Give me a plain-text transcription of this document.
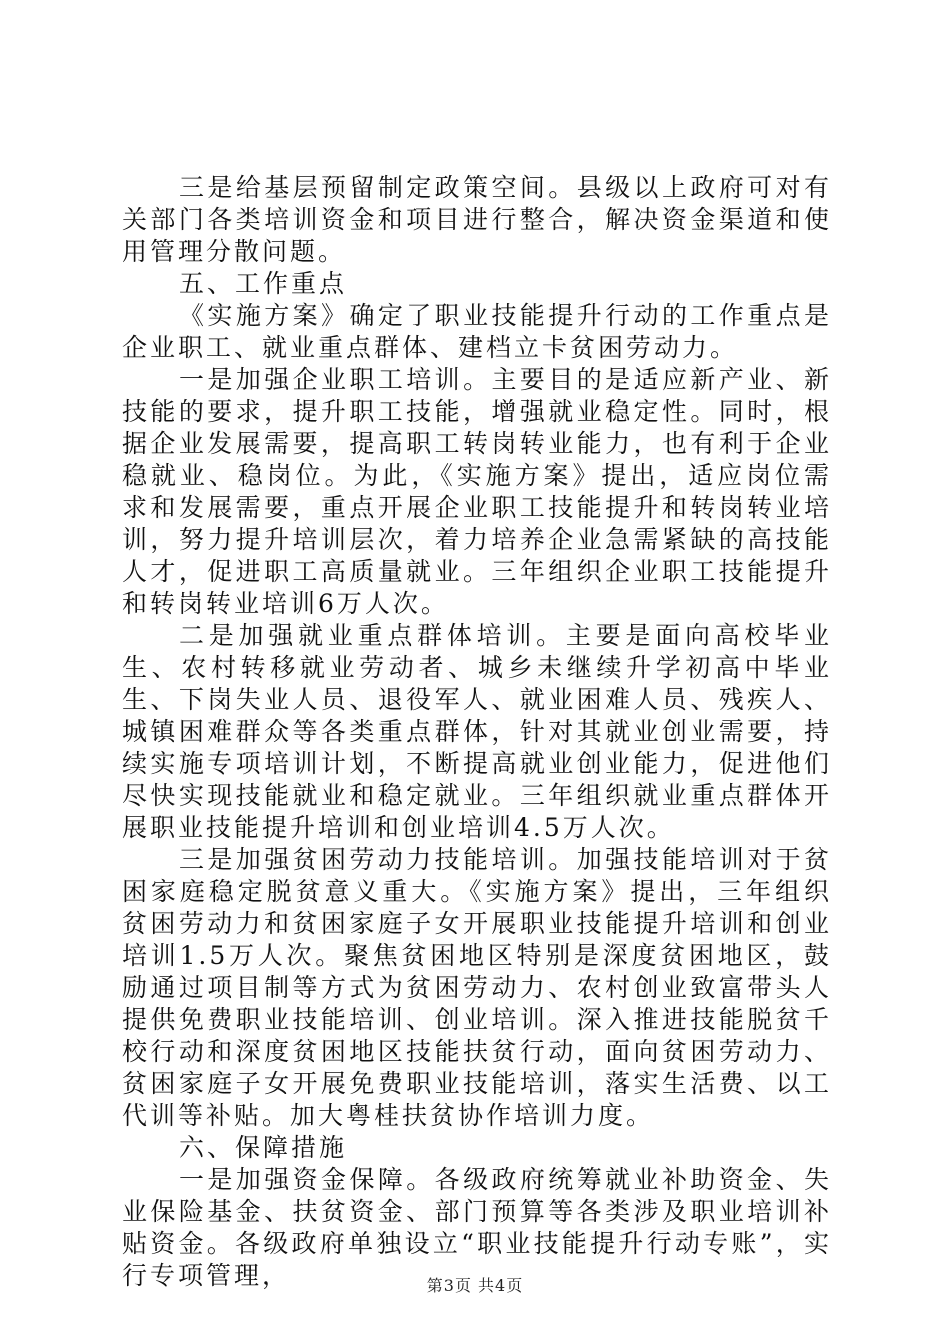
三是给基层预留制定政策空间。县级以上政府可对有关部门各类培训资金和项目进行整合，解决资金渠道和使用管理分散问题。

五、工作重点

《实施方案》确定了职业技能提升行动的工作重点是企业职工、就业重点群体、建档立卡贫困劳动力。

一是加强企业职工培训。主要目的是适应新产业、新技能的要求，提升职工技能，增强就业稳定性。同时，根据企业发展需要，提高职工转岗转业能力，也有利于企业稳就业、稳岗位。为此，《实施方案》提出，适应岗位需求和发展需要，重点开展企业职工技能提升和转岗转业培训，努力提升培训层次，着力培养企业急需紧缺的高技能人才，促进职工高质量就业。三年组织企业职工技能提升和转岗转业培训6万人次。

二是加强就业重点群体培训。主要是面向高校毕业生、农村转移就业劳动者、城乡未继续升学初高中毕业生、下岗失业人员、退役军人、就业困难人员、残疾人、城镇困难群众等各类重点群体，针对其就业创业需要，持续实施专项培训计划，不断提高就业创业能力，促进他们尽快实现技能就业和稳定就业。三年组织就业重点群体开展职业技能提升培训和创业培训4.5万人次。

三是加强贫困劳动力技能培训。加强技能培训对于贫困家庭稳定脱贫意义重大。《实施方案》提出，三年组织贫困劳动力和贫困家庭子女开展职业技能提升培训和创业培训1.5万人次。聚焦贫困地区特别是深度贫困地区，鼓励通过项目制等方式为贫困劳动力、农村创业致富带头人提供免费职业技能培训、创业培训。深入推进技能脱贫千校行动和深度贫困地区技能扶贫行动，面向贫困劳动力、贫困家庭子女开展免费职业技能培训，落实生活费、以工代训等补贴。加大粤桂扶贫协作培训力度。

六、保障措施

一是加强资金保障。各级政府统筹就业补助资金、失业保险基金、扶贫资金、部门预算等各类涉及职业培训补贴资金。各级政府单独设立“职业技能提升行动专账”，实行专项管理，	第3页 共4页
